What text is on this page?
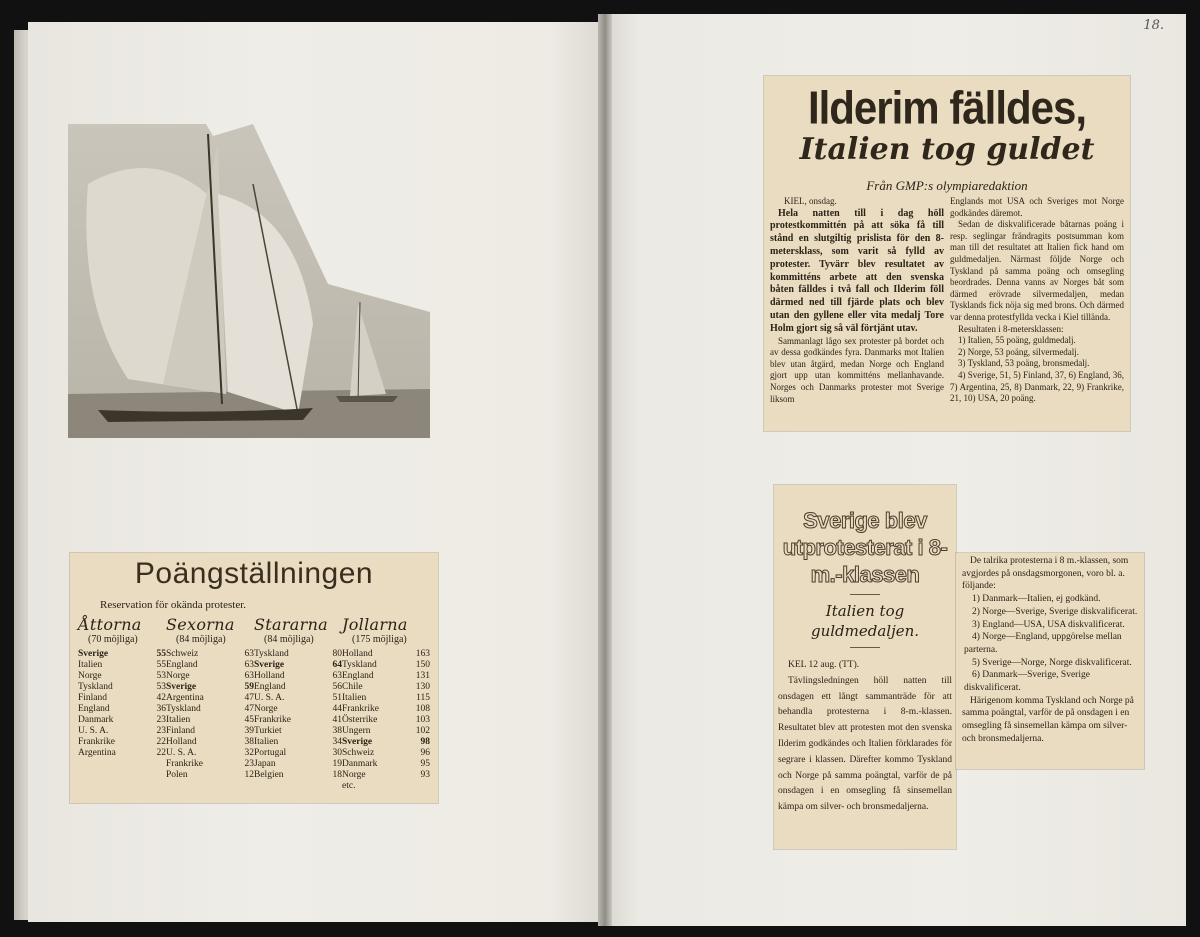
18.
Poängställningen
Reservation för okända protester.
Åttorna
(70 möjliga)
Sverige	55
Italien	55
Norge	53
Tyskland	53
Finland	42
England	36
Danmark	23
U. S. A.	23
Frankrike	22
Argentina	22
Sexorna
(84 möjliga)
Schweiz	63
England	63
Norge	63
Sverige	59
Argentina	47
Tyskland	47
Italien	45
Finland	39
Holland	38
U. S. A.	32
Frankrike	23
Polen	12
Stararna
(84 möjliga)
Tyskland	80
Sverige	64
Holland	63
England	56
U. S. A.	51
Norge	44
Frankrike	41
Turkiet	38
Italien	34
Portugal	30
Japan	19
Belgien	18
Jollarna
(175 möjliga)
Holland	163
Tyskland	150
England	131
Chile	130
Italien	115
Frankrike	108
Österrike	103
Ungern	102
Sverige	98
Schweiz	96
Danmark	95
Norge	93
etc.
Ilderim fälldes,
Italien tog guldet
Från GMP:s olympiaredaktion

KIEL, onsdag.

Hela natten till i dag höll protestkommittén på att söka få till stånd en slutgiltig prislista för den 8-metersklass, som varit så fylld av protester. Tyvärr blev resultatet av kommitténs arbete att den svenska båten fälldes i två fall och Ilderim föll därmed ned till fjärde plats och blev utan den gyllene eller vita medalj Tore Holm gjort sig så väl förtjänt utav.

Sammanlagt lågo sex protester på bordet och av dessa godkändes fyra. Danmarks mot Italien blev utan åtgärd, medan Norge och England gjort upp utan kommitténs mellanhavande. Norges och Danmarks protester mot Sverige liksom

Englands mot USA och Sveriges mot Norge godkändes däremot.

Sedan de diskvalificerade båtarnas poäng i resp. seglingar frändragits postsumman kom man till det resultatet att Italien fick hand om guldmedaljen. Närmast följde Norge och Tyskland på samma poäng och omsegling beordrades. Denna vanns av Norges båt som därmed erövrade silvermedaljen, medan Tysklands fick nöja sig med brons. Och därmed var denna protestfyllda vecka i Kiel tillända.

Resultaten i 8-metersklassen:

1) Italien, 55 poäng, guldmedalj.

2) Norge, 53 poäng, silvermedalj.

3) Tyskland, 53 poäng, bronsmedalj.

4) Sverige, 51, 5) Finland, 37, 6) England, 36, 7) Argentina, 25, 8) Danmark, 22, 9) Frankrike, 21, 10) USA, 20 poäng.

Sverige blev utprotesterat i 8-m.-klassen
Italien tog guldmedaljen.

KEL 12 aug. (TT).

Tävlingsledningen höll natten till onsdagen ett långt sammanträde för att behandla protesterna i 8-m.-klassen. Resultatet blev att protesten mot den svenska Ilderim godkändes och Italien förklarades för segrare i klassen. Därefter kommo Tyskland och Norge på samma poängtal, varför de på onsdagen i en omsegling få sinsemellan kämpa om silver- och bronsmedaljerna.

De talrika protesterna i 8 m.-klassen, som avgjordes på onsdagsmorgonen, voro bl. a. följande:

1) Danmark—Italien, ej godkänd.

2) Norge—Sverige, Sverige diskvalificerat.

3) England—USA, USA diskvalificerat.

4) Norge—England, uppgörelse mellan parterna.

5) Sverige—Norge, Norge diskvalificerat.

6) Danmark—Sverige, Sverige diskvalificerat.

Härigenom komma Tyskland och Norge på samma poängtal, varför de på onsdagen i en omsegling få sinsemellan kämpa om silver- och bronsmedaljerna.
